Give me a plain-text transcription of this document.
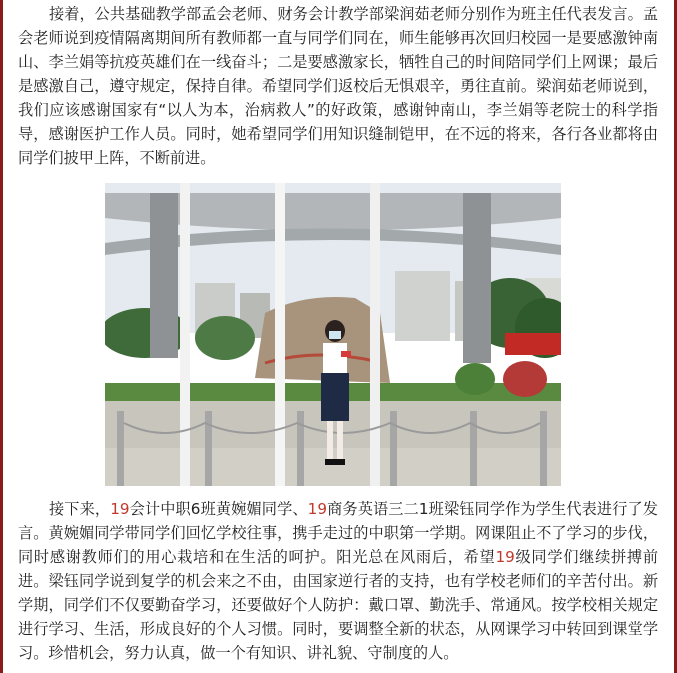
接着，公共基础教学部孟会老师、财务会计教学部梁润茹老师分别作为班主任代表发言。孟会老师说到疫情隔离期间所有教师都一直与同学们同在，师生能够再次回归校园一是要感激钟南山、李兰娟等抗疫英雄们在一线奋斗；二是要感激家长，牺牲自己的时间陪同学们上网课；最后是感激自己，遵守规定，保持自律。希望同学们返校后无惧艰辛，勇往直前。梁润茹老师说到，我们应该感谢国家有“以人为本，治病救人”的好政策，感谢钟南山，李兰娟等老院士的科学指导，感谢医护工作人员。同时，她希望同学们用知识缝制铠甲，在不远的将来，各行各业都将由同学们披甲上阵，不断前进。

接下来，19会计中职6班黄婉媚同学、19商务英语三二1班梁钰同学作为学生代表进行了发言。黄婉媚同学带同学们回忆学校往事，携手走过的中职第一学期。网课阻止不了学习的步伐，同时感谢教师们的用心栽培和在生活的呵护。阳光总在风雨后，希望19级同学们继续拼搏前进。梁钰同学说到复学的机会来之不由，由国家逆行者的支持，也有学校老师们的辛苦付出。新学期，同学们不仅要勤奋学习，还要做好个人防护：戴口罩、勤洗手、常通风。按学校相关规定进行学习、生活，形成良好的个人习惯。同时，要调整全新的状态，从网课学习中转回到课堂学习。珍惜机会，努力认真，做一个有知识、讲礼貌、守制度的人。
